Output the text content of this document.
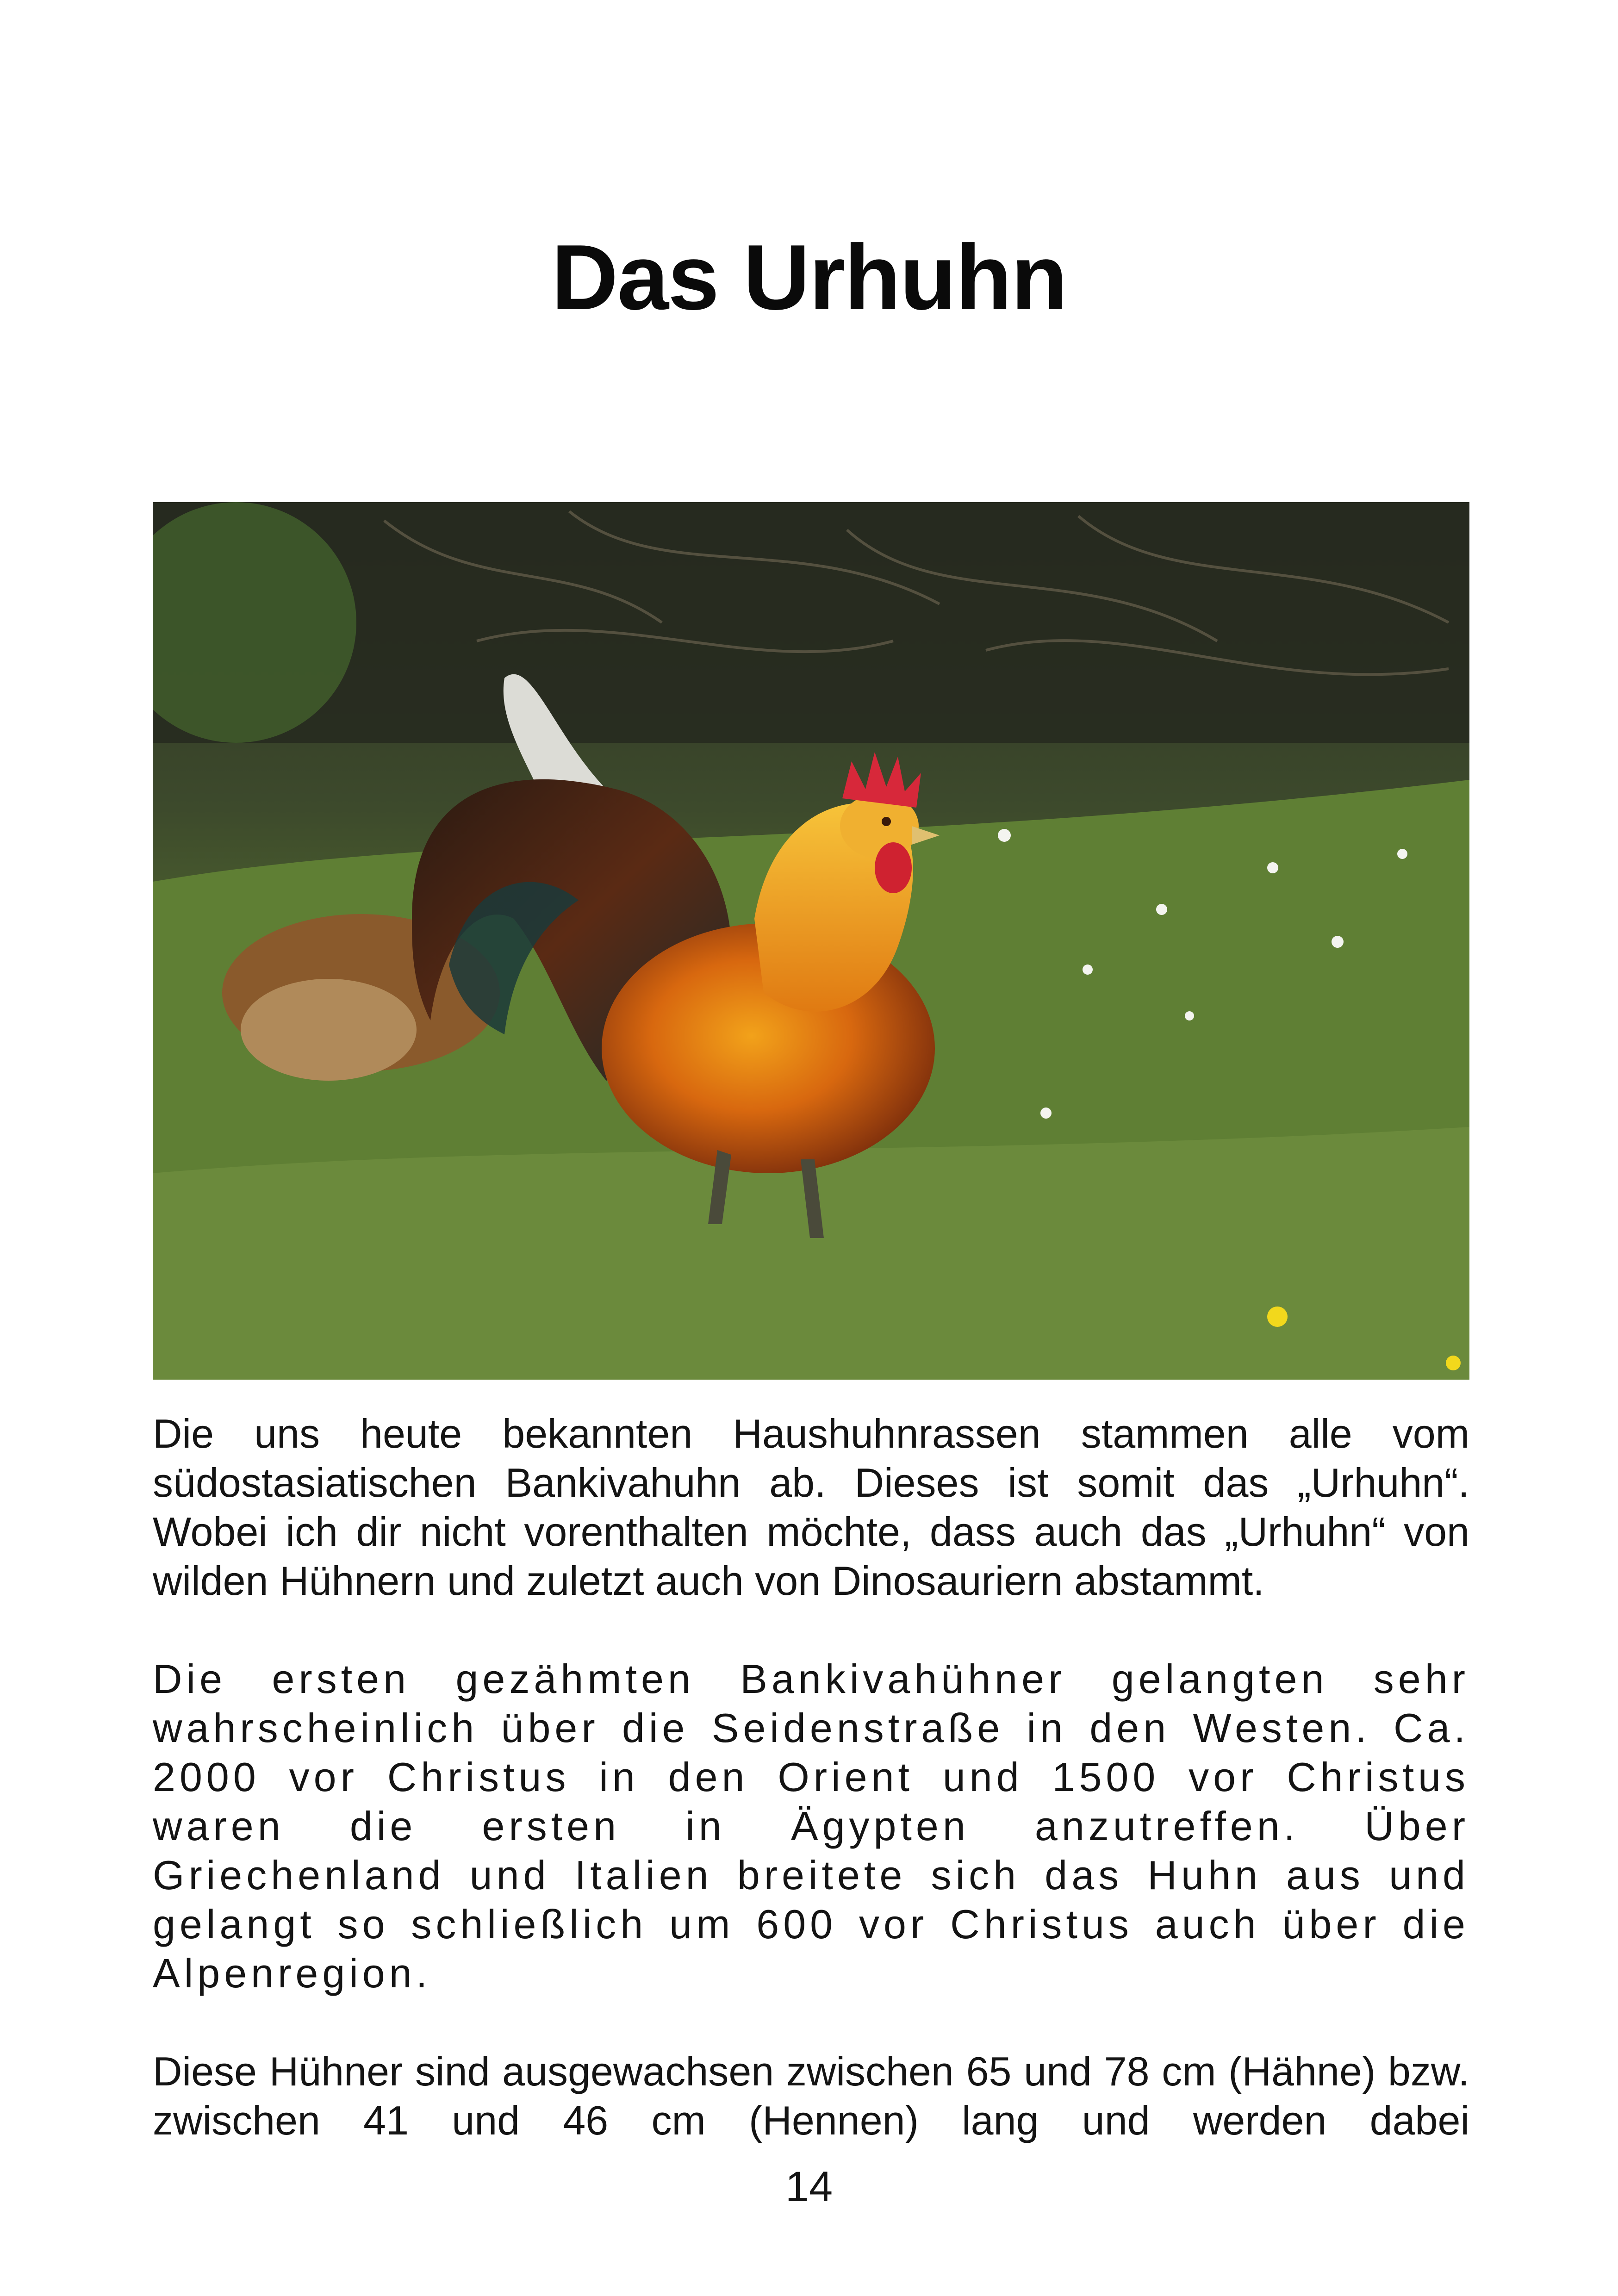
Das Urhuhn

Die uns heute bekannten Haushuhnrassen stammen alle vom südostasiatischen Bankivahuhn ab. Dieses ist somit das „Urhuhn“. Wobei ich dir nicht vorenthalten möchte, dass auch das „Urhuhn“ von wilden Hühnern und zuletzt auch von Dinosauriern abstammt.

Die ersten gezähmten Bankivahühner gelangten sehr wahrscheinlich über die Seidenstraße in den Westen. Ca. 2000 vor Christus in den Orient und 1500 vor Christus waren die ersten in Ägypten anzutreffen. Über Griechenland und Italien breitete sich das Huhn aus und gelangt so schließlich um 600 vor Christus auch über die Alpenregion.

Diese Hühner sind ausgewachsen zwischen 65 und 78 cm (Hähne) bzw. zwischen 41 und 46 cm (Hennen) lang und werden dabei

14
